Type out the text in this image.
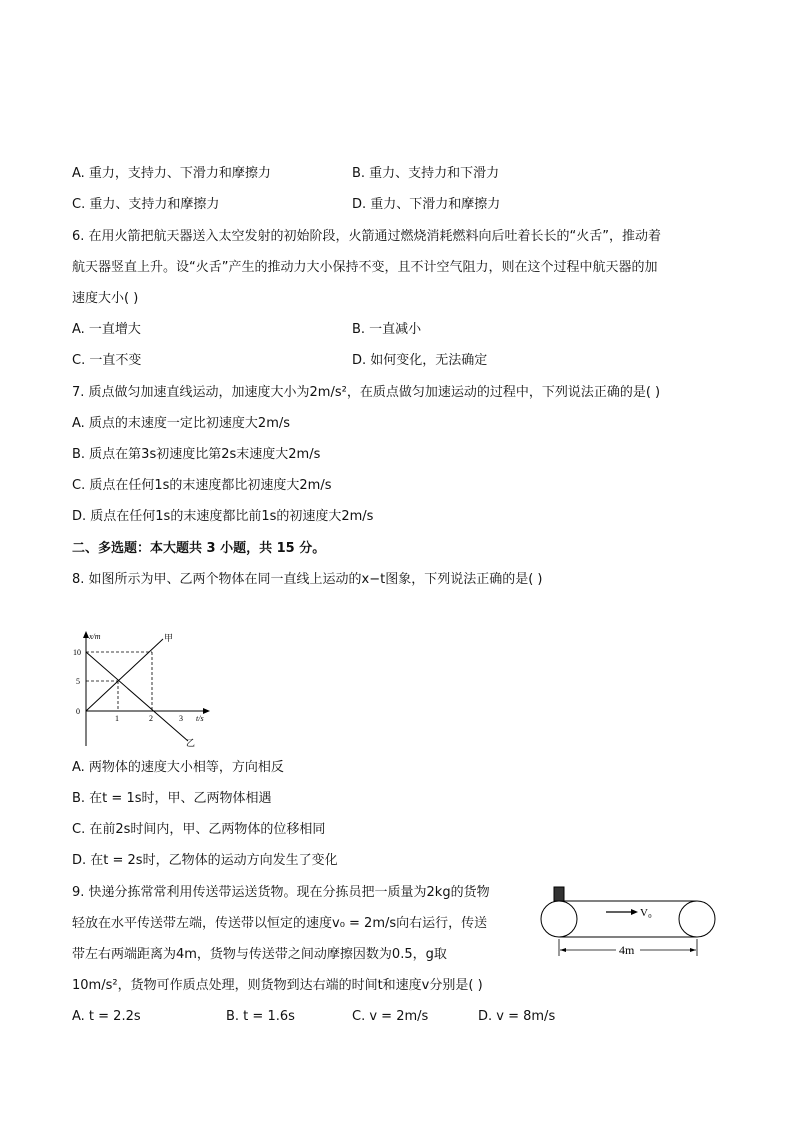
A. 重力，支持力、下滑力和摩擦力	B. 重力、支持力和下滑力
C. 重力、支持力和摩擦力	D. 重力、下滑力和摩擦力
6. 在用火箭把航天器送入太空发射的初始阶段，火箭通过燃烧消耗燃料向后吐着长长的“火舌”，推动着
航天器竖直上升。设“火舌”产生的推动力大小保持不变，且不计空气阻力，则在这个过程中航天器的加
速度大小( )
A. 一直增大	B. 一直减小
C. 一直不变	D. 如何变化，无法确定
7. 质点做匀加速直线运动，加速度大小为2m/s²，在质点做匀加速运动的过程中，下列说法正确的是( )
A. 质点的末速度一定比初速度大2m/s
B. 质点在第3s初速度比第2s末速度大2m/s
C. 质点在任何1s的末速度都比初速度大2m/s
D. 质点在任何1s的末速度都比前1s的初速度大2m/s
二、多选题：本大题共 3 小题，共 15 分。
8. 如图所示为甲、乙两个物体在同一直线上运动的x−t图象，下列说法正确的是( )
x/m
t/s
10
5
0
1	2	3
甲
乙
A. 两物体的速度大小相等，方向相反
B. 在t = 1s时，甲、乙两物体相遇
C. 在前2s时间内，甲、乙两物体的位移相同
D. 在t = 2s时，乙物体的运动方向发生了变化
9. 快递分拣常常利用传送带运送货物。现在分拣员把一质量为2kg的货物
轻放在水平传送带左端，传送带以恒定的速度v₀ = 2m/s向右运行，传送
带左右两端距离为4m，货物与传送带之间动摩擦因数为0.5，g取
10m/s²，货物可作质点处理，则货物到达右端的时间t和速度v分别是( )
V₀
4m
A. t = 2.2s	B. t = 1.6s	C. v = 2m/s	D. v = 8m/s
